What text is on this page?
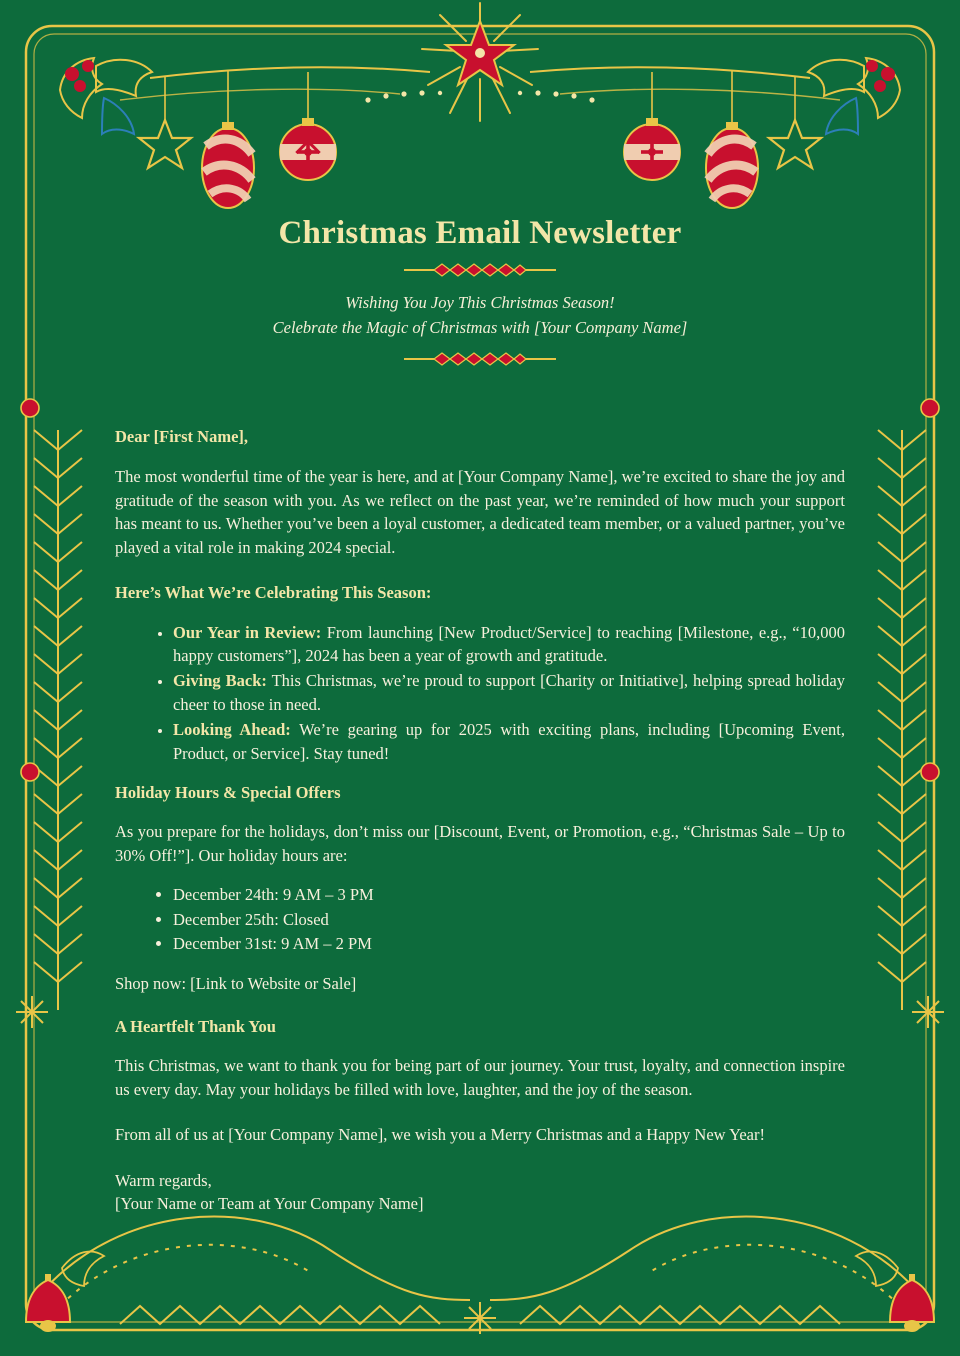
Christmas Email Newsletter

Wishing You Joy This Christmas Season!

Celebrate the Magic of Christmas with [Your Company Name]

Dear [First Name],

The most wonderful time of the year is here, and at [Your Company Name], we’re excited to share the joy and gratitude of the season with you. As we reflect on the past year, we’re reminded of how much your support has meant to us. Whether you’ve been a loyal customer, a dedicated team member, or a valued partner, you’ve played a vital role in making 2024 special.

Here’s What We’re Celebrating This Season:

• Our Year in Review: From launching [New Product/Service] to reaching [Milestone, e.g., “10,000 happy customers”], 2024 has been a year of growth and gratitude.
• Giving Back: This Christmas, we’re proud to support [Charity or Initiative], helping spread holiday cheer to those in need.
• Looking Ahead: We’re gearing up for 2025 with exciting plans, including [Upcoming Event, Product, or Service]. Stay tuned!

Holiday Hours & Special Offers

As you prepare for the holidays, don’t miss our [Discount, Event, or Promotion, e.g., “Christmas Sale – Up to 30% Off!”]. Our holiday hours are:

• December 24th: 9 AM – 3 PM
• December 25th: Closed
• December 31st: 9 AM – 2 PM

Shop now: [Link to Website or Sale]

A Heartfelt Thank You

This Christmas, we want to thank you for being part of our journey. Your trust, loyalty, and connection inspire us every day. May your holidays be filled with love, laughter, and the joy of the season.

From all of us at [Your Company Name], we wish you a Merry Christmas and a Happy New Year!

Warm regards,

[Your Name or Team at Your Company Name]
